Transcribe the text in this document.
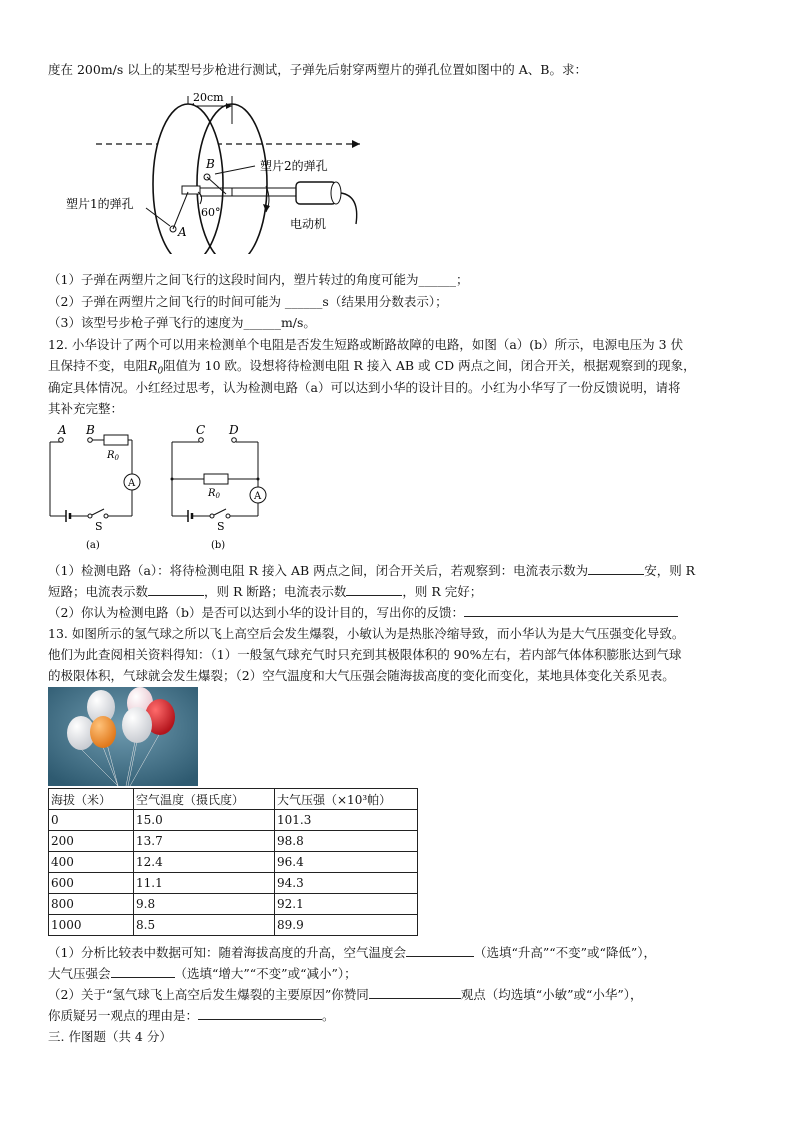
度在 200m/s 以上的某型号步枪进行测试，子弹先后射穿两塑片的弹孔位置如图中的 A、B。求：
20cm
B
A
60°
塑片2的弹孔
塑片1的弹孔
电动机
（1）子弹在两塑片之间飞行的这段时间内，塑片转过的角度可能为______；
（2）子弹在两塑片之间飞行的时间可能为 ______s（结果用分数表示）；
（3）该型号步枪子弹飞行的速度为______m/s。
12. 小华设计了两个可以用来检测单个电阻是否发生短路或断路故障的电路，如图（a）(b）所示，电源电压为 3 伏
且保持不变，电阻$R_0$阻值为 10 欧。设想将待检测电阻 R 接入 AB 或 CD 两点之间，闭合开关，根据观察到的现象，
确定具体情况。小红经过思考，认为检测电路（a）可以达到小华的设计目的。小红为小华写了一份反馈说明，请将
其补充完整：
A B
$R_0$
A
S
(a)
C D
$R_0$	A
S
(b)
（1）检测电路（a）：将待检测电阻 R 接入 AB 两点之间，闭合开关后，若观察到：电流表示数为	安，则 R
短路；电流表示数	，则 R 断路；电流表示数	，则 R 完好；
（2）你认为检测电路（b）是否可以达到小华的设计目的，写出你的反馈：
13. 如图所示的氢气球之所以飞上高空后会发生爆裂，小敏认为是热胀冷缩导致，而小华认为是大气压强变化导致。
他们为此查阅相关资料得知：（1）一般氢气球充气时只充到其极限体积的 90%左右，若内部气体体积膨胀达到气球
的极限体积，气球就会发生爆裂；（2）空气温度和大气压强会随海拔高度的变化而变化，某地具体变化关系见表。
海拔（米）	空气温度（摄氏度）	大气压强（×10³帕）
0	15.0	101.3
200	13.7	98.8
400	12.4	96.4
600	11.1	94.3
800	9.8	92.1
1000	8.5	89.9
（1）分析比较表中数据可知：随着海拔高度的升高，空气温度会	（选填“升高”“不变”或“降低”），
大气压强会	（选填“增大”“不变”或“减小”）；
（2）关于“氢气球飞上高空后发生爆裂的主要原因”你赞同	观点（均选填“小敏”或“小华”），
你质疑另一观点的理由是：	。
三. 作图题（共 4 分）
